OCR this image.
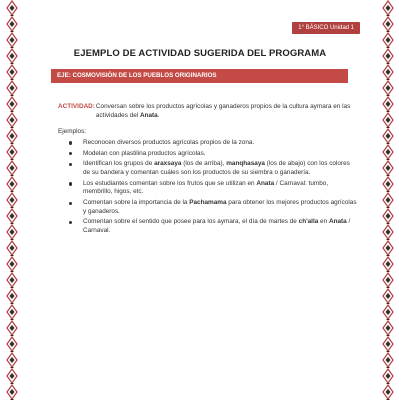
1° BÁSICO Unidad 1
EJEMPLO DE ACTIVIDAD SUGERIDA DEL PROGRAMA
EJE: COSMOVISIÓN DE LOS PUEBLOS ORIGINARIOS
ACTIVIDAD: Conversan sobre los productos agrícolas y ganaderos propios de la cultura aymara en las actividades del Anata.
Ejemplos:
Reconocen diversos productos agrícolas propios de la zona.
Modelan con plastilina productos agrícolas.
Identifican los grupos de araxsaya (los de arriba), manqhasaya (los de abajo) con los colores de su bandera y comentan cuáles son los productos de su siembra o ganadería.
Los estudiantes comentan sobre los frutos que se utilizan en Anata / Carnaval: tumbo, membrillo, higos, etc.
Comentan sobre la importancia de la Pachamama para obtener los mejores productos agrícolas y ganaderos.
Comentan sobre el sentido que posee para los aymara, el día de martes de ch'alla en Anata / Carnaval.
